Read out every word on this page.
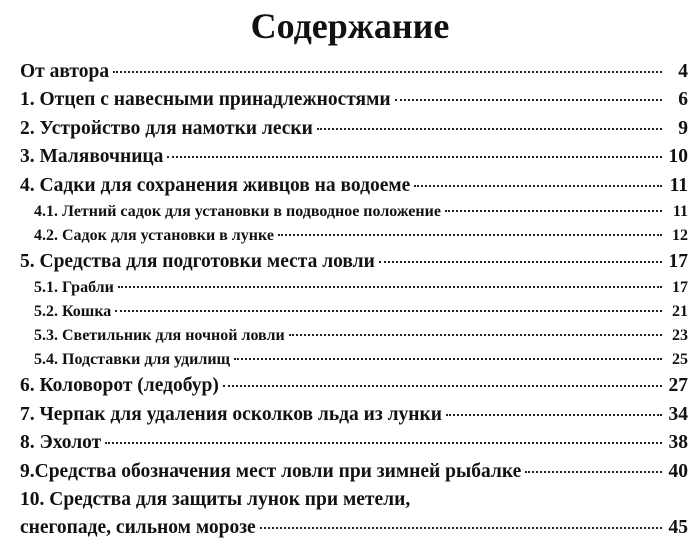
Содержание
От автора	4
1. Отцеп с навесными принадлежностями	6
2. Устройство для намотки лески	9
3. Малявочница	10
4. Садки для сохранения живцов на водоеме	11
4.1. Летний садок для установки в подводное положение	11
4.2. Садок для установки в лунке	12
5. Средства для подготовки места ловли	17
5.1. Грабли	17
5.2. Кошка	21
5.3. Светильник для ночной ловли	23
5.4. Подставки для удилищ	25
6. Коловорот (ледобур)	27
7. Черпак для удаления осколков льда из лунки	34
8. Эхолот	38
9.Средства обозначения мест ловли при зимней рыбалке	40
10. Средства для защиты лунок при метели,
снегопаде, сильном морозе	45
